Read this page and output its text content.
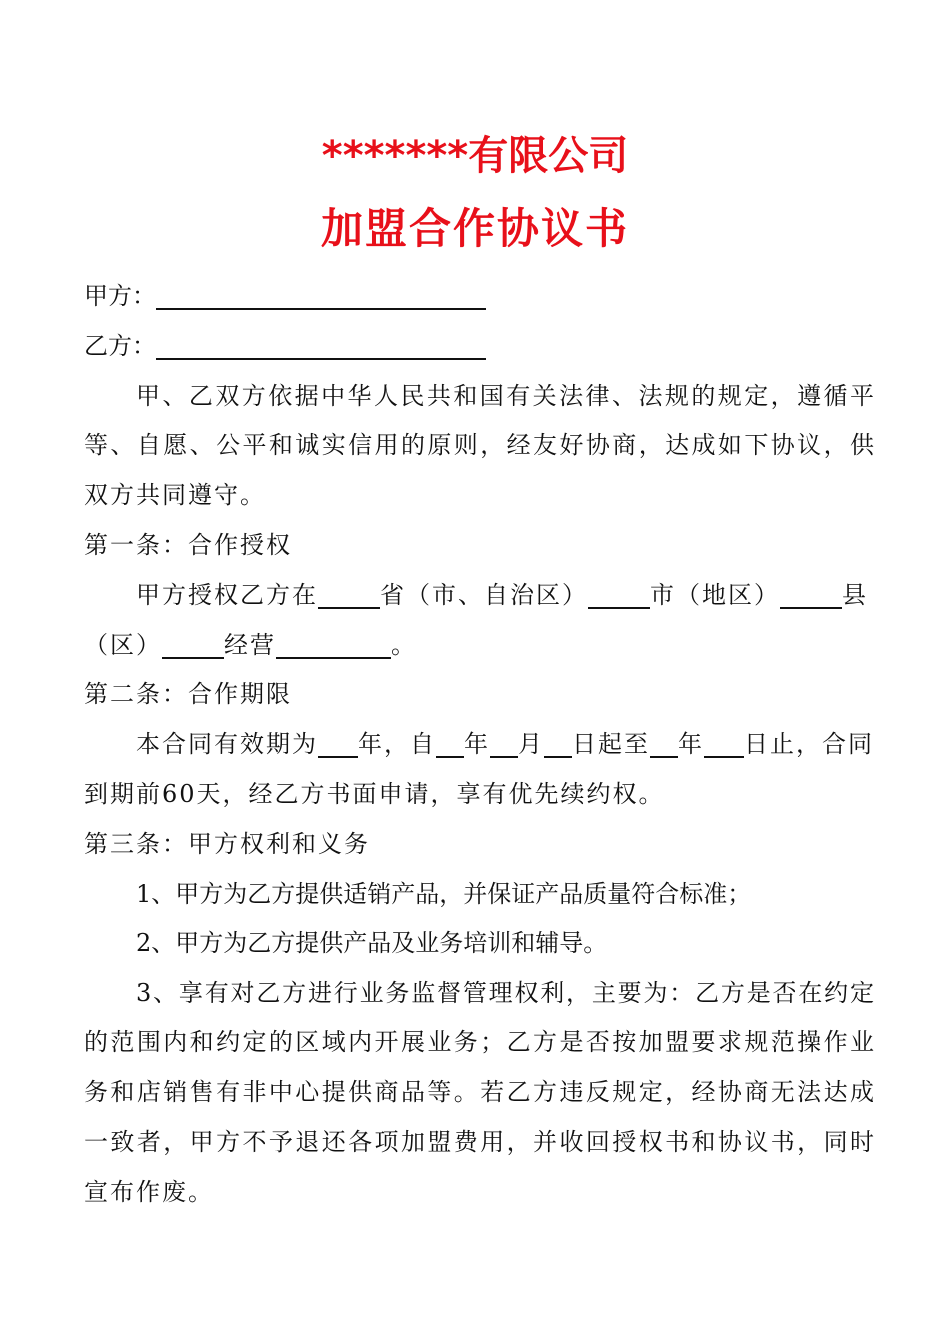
*******有限公司
加盟合作协议书
甲方：
乙方：
甲、乙双方依据中华人民共和国有关法律、法规的规定，遵循平
等、自愿、公平和诚实信用的原则，经友好协商，达成如下协议，供
双方共同遵守。
第一条：合作授权
甲方授权乙方在	省（市、自治区）	市（地区）	县
（区）	经营	。
第二条：合作期限
本合同有效期为 年，自 年 月 日起至 年 日止，合同
到期前60天，经乙方书面申请，享有优先续约权。
第三条：甲方权利和义务
1、甲方为乙方提供适销产品，并保证产品质量符合标准；
2、甲方为乙方提供产品及业务培训和辅导。
3、享有对乙方进行业务监督管理权利，主要为：乙方是否在约定
的范围内和约定的区域内开展业务；乙方是否按加盟要求规范操作业
务和店销售有非中心提供商品等。若乙方违反规定，经协商无法达成
一致者，甲方不予退还各项加盟费用，并收回授权书和协议书，同时
宣布作废。
